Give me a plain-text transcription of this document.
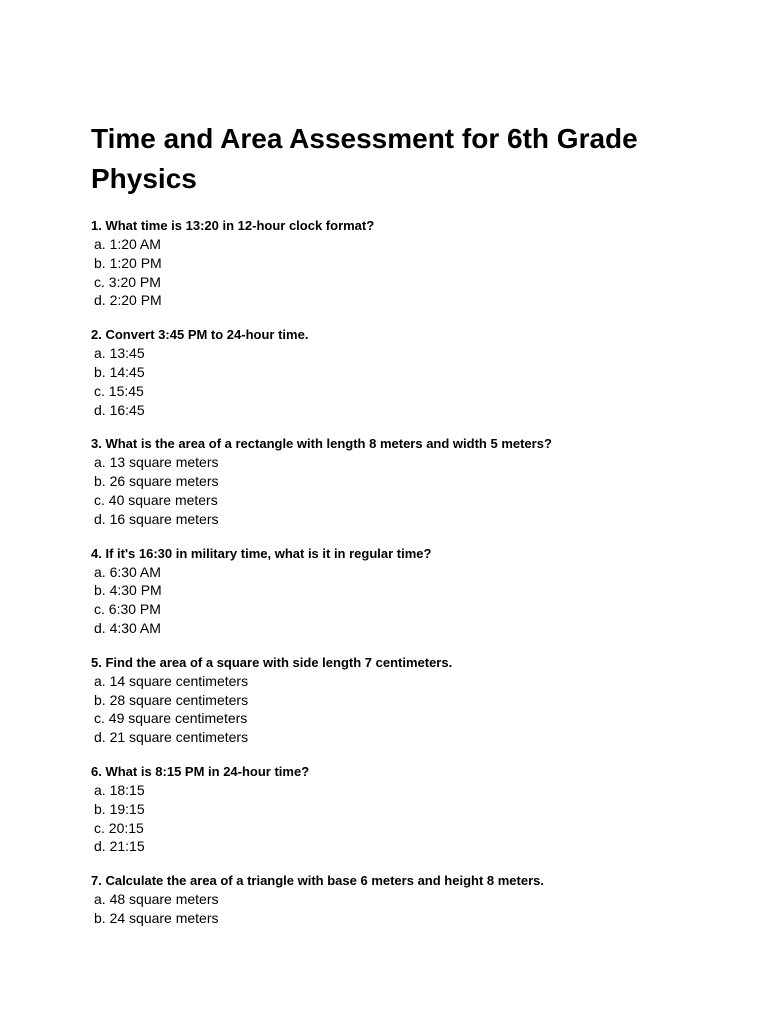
Time and Area Assessment for 6th Grade Physics

1. What time is 13:20 in 12-hour clock format?

a. 1:20 AM
b. 1:20 PM
c. 3:20 PM
d. 2:20 PM

2. Convert 3:45 PM to 24-hour time.

a. 13:45
b. 14:45
c. 15:45
d. 16:45

3. What is the area of a rectangle with length 8 meters and width 5 meters?

a. 13 square meters
b. 26 square meters
c. 40 square meters
d. 16 square meters

4. If it's 16:30 in military time, what is it in regular time?

a. 6:30 AM
b. 4:30 PM
c. 6:30 PM
d. 4:30 AM

5. Find the area of a square with side length 7 centimeters.

a. 14 square centimeters
b. 28 square centimeters
c. 49 square centimeters
d. 21 square centimeters

6. What is 8:15 PM in 24-hour time?

a. 18:15
b. 19:15
c. 20:15
d. 21:15

7. Calculate the area of a triangle with base 6 meters and height 8 meters.

a. 48 square meters
b. 24 square meters
